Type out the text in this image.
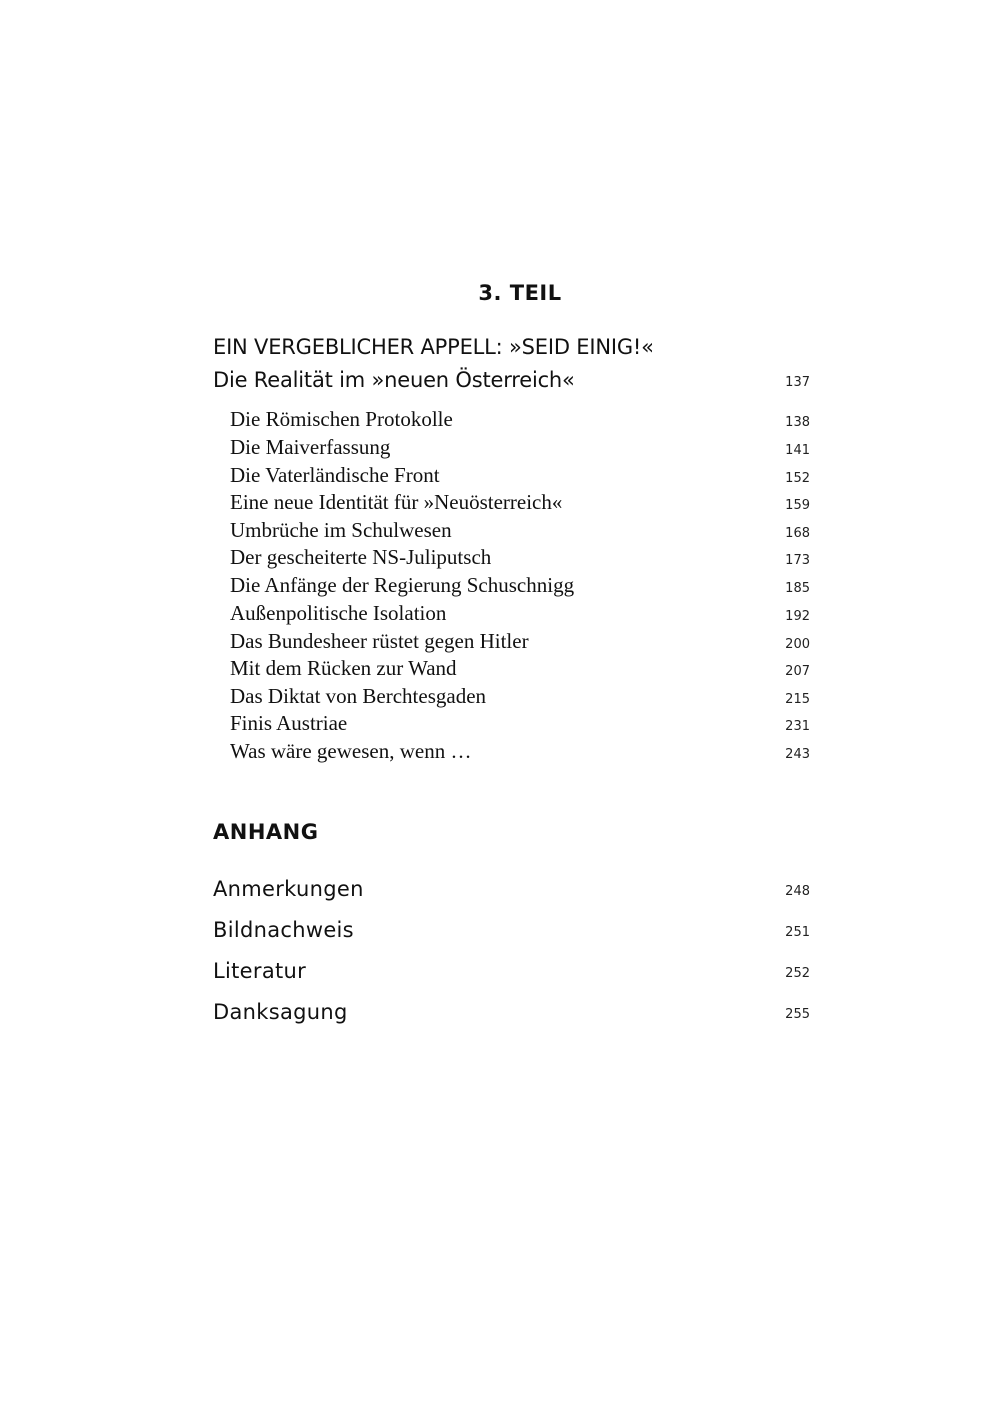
3. TEIL
EIN VERGEBLICHER APPELL: »SEID EINIG!«
Die Realität im »neuen Österreich«	137
Die Römischen Protokolle	138
Die Maiverfassung	141
Die Vaterländische Front	152
Eine neue Identität für »Neuösterreich«	159
Umbrüche im Schulwesen	168
Der gescheiterte NS-Juliputsch	173
Die Anfänge der Regierung Schuschnigg	185
Außenpolitische Isolation	192
Das Bundesheer rüstet gegen Hitler	200
Mit dem Rücken zur Wand	207
Das Diktat von Berchtesgaden	215
Finis Austriae	231
Was wäre gewesen, wenn …	243
ANHANG
Anmerkungen	248
Bildnachweis	251
Literatur	252
Danksagung	255
